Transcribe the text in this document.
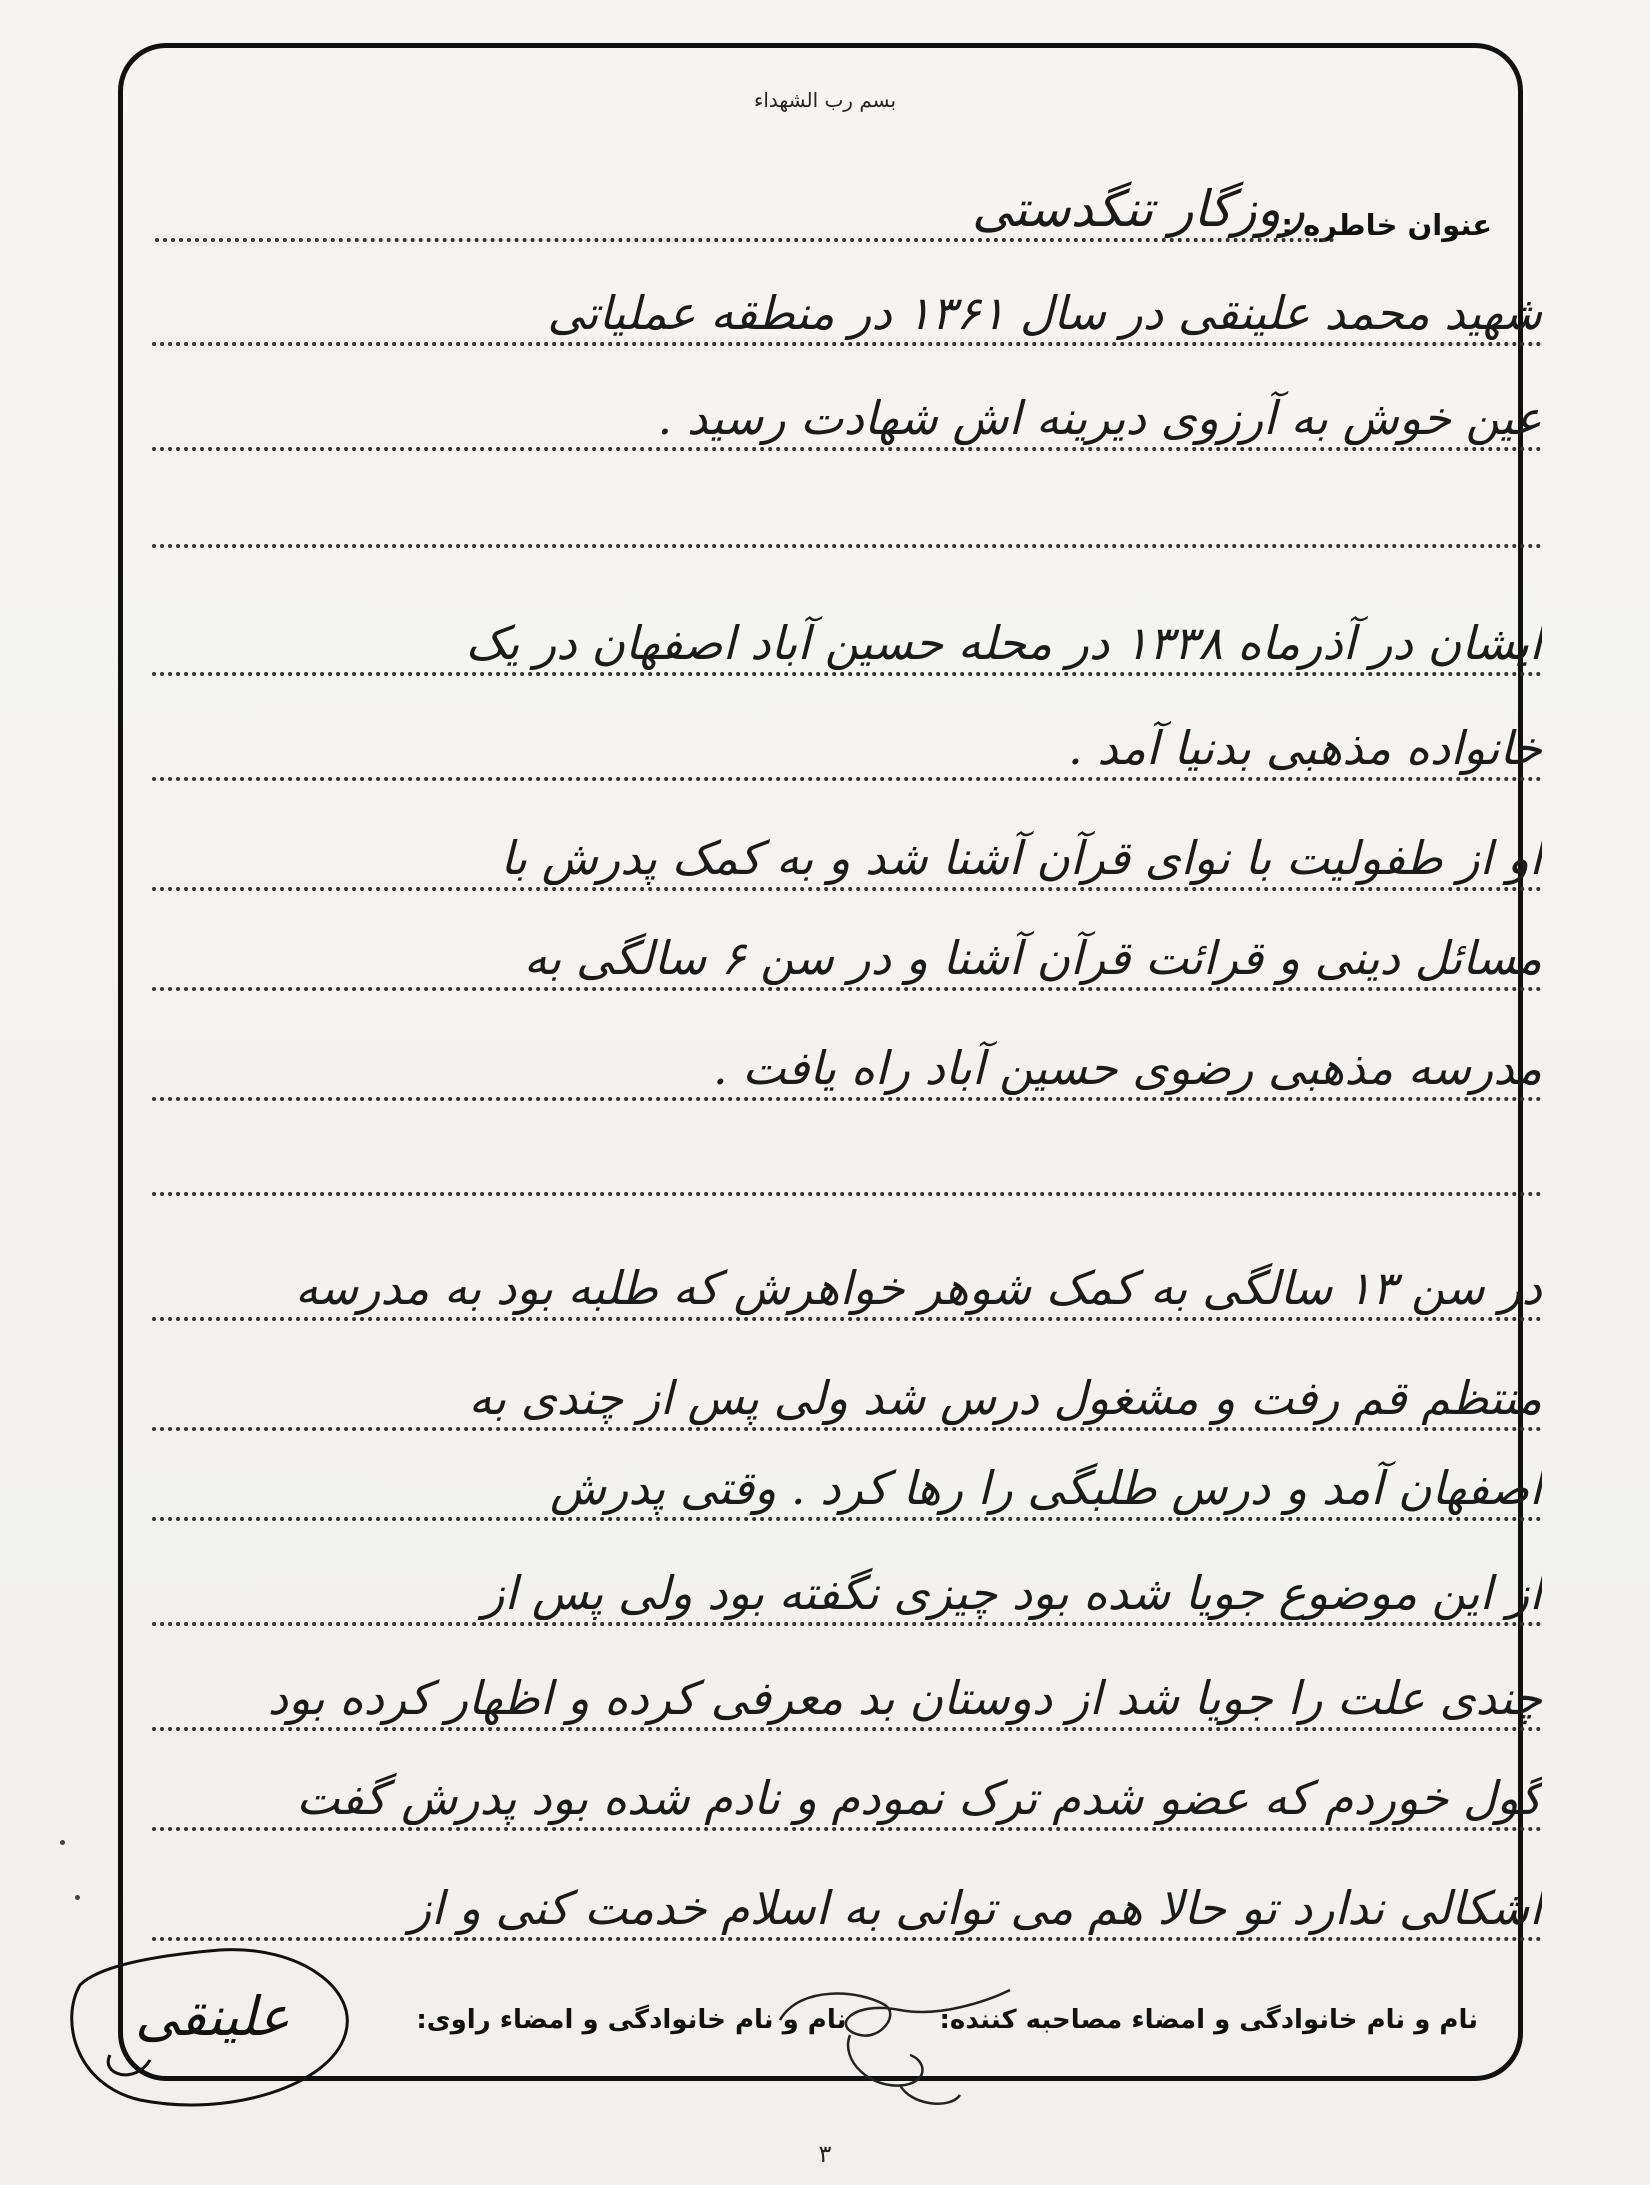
بسم رب الشهداء
عنوان خاطره :
روزگار تنگدستی
شهید محمد علینقی در سال ۱۳۶۱ در منطقه عملیاتی
عین خوش به آرزوی دیرینه اش شهادت رسید .
ایشان در آذرماه ۱۳۳۸ در محله حسین آباد اصفهان در یک
خانواده مذهبی بدنیا آمد .
او از طفولیت با نوای قرآن آشنا شد و به کمک پدرش با
مسائل دینی و قرائت قرآن آشنا و در سن ۶ سالگی به
مدرسه مذهبی رضوی حسین آباد راه یافت .
در سن ۱۳ سالگی به کمک شوهر خواهرش که طلبه بود به مدرسه
منتظم قم رفت و مشغول درس شد ولی پس از چندی به
اصفهان آمد و درس طلبگی را رها کرد . وقتی پدرش
از این موضوع جویا شده بود چیزی نگفته بود ولی پس از
چندی علت را جویا شد از دوستان بد معرفی کرده و اظهار کرده بود
گول خوردم که عضو شدم ترک نمودم و نادم شده بود پدرش گفت
اشکالی ندارد تو حالا هم می توانی به اسلام خدمت کنی و از
نام و نام خانوادگی و امضاء مصاحبه کننده:  نام و نام خانوادگی و امضاء راوی:
علینقی
۳
